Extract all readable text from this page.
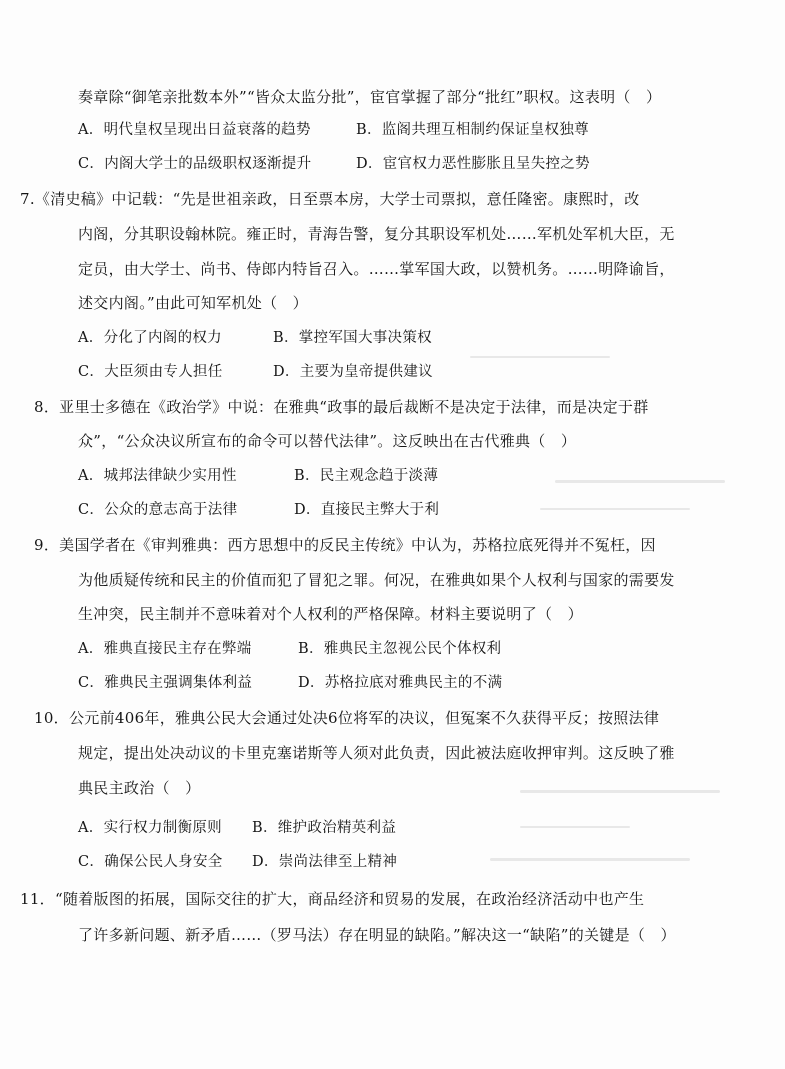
奏章除“御笔亲批数本外”“皆众太监分批”，宦官掌握了部分“批红”职权。这表明（　）
A．明代皇权呈现出日益衰落的趋势	B．监阁共理互相制约保证皇权独尊
C．内阁大学士的品级职权逐渐提升	D．宦官权力恶性膨胀且呈失控之势
7.《清史稿》中记载：“先是世祖亲政，日至票本房，大学士司票拟，意任隆密。康熙时，改
内阁，分其职设翰林院。雍正时，青海告警，复分其职设军机处……军机处军机大臣，无
定员，由大学士、尚书、侍郎内特旨召入。……掌军国大政，以赞机务。……明降谕旨，
述交内阁。”由此可知军机处（　）
A．分化了内阁的权力	B．掌控军国大事决策权
C．大臣须由专人担任	D．主要为皇帝提供建议
8．亚里士多德在《政治学》中说：在雅典“政事的最后裁断不是决定于法律，而是决定于群
众”，“公众决议所宣布的命令可以替代法律”。这反映出在古代雅典（　）
A．城邦法律缺少实用性	B．民主观念趋于淡薄
C．公众的意志高于法律	D．直接民主弊大于利
9．美国学者在《审判雅典：西方思想中的反民主传统》中认为，苏格拉底死得并不冤枉，因
为他质疑传统和民主的价值而犯了冒犯之罪。何况，在雅典如果个人权利与国家的需要发
生冲突，民主制并不意味着对个人权利的严格保障。材料主要说明了（　）
A．雅典直接民主存在弊端	B．雅典民主忽视公民个体权利
C．雅典民主强调集体利益	D．苏格拉底对雅典民主的不满
10．公元前406年，雅典公民大会通过处决6位将军的决议，但冤案不久获得平反；按照法律
规定，提出处决动议的卡里克塞诺斯等人须对此负责，因此被法庭收押审判。这反映了雅
典民主政治（　）
A．实行权力制衡原则 B．维护政治精英利益
C．确保公民人身安全 D．崇尚法律至上精神
11．“随着版图的拓展，国际交往的扩大，商品经济和贸易的发展，在政治经济活动中也产生
了许多新问题、新矛盾……（罗马法）存在明显的缺陷。”解决这一“缺陷”的关键是（　）
